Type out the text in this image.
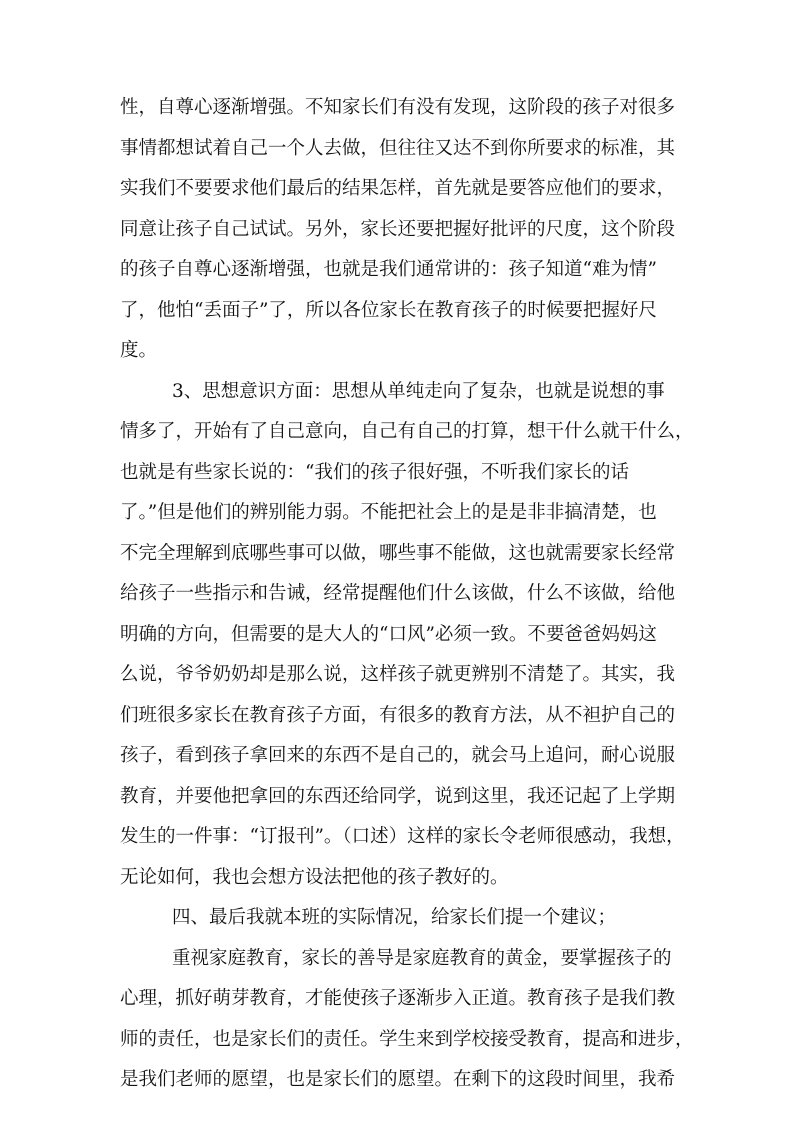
性，自尊心逐渐增强。不知家长们有没有发现，这阶段的孩子对很多
事情都想试着自己一个人去做，但往往又达不到你所要求的标准，其
实我们不要要求他们最后的结果怎样，首先就是要答应他们的要求，
同意让孩子自己试试。另外，家长还要把握好批评的尺度，这个阶段
的孩子自尊心逐渐增强，也就是我们通常讲的：孩子知道“难为情”
了，他怕“丢面子”了，所以各位家长在教育孩子的时候要把握好尺
度。
3、思想意识方面：思想从单纯走向了复杂，也就是说想的事
情多了，开始有了自己意向，自己有自己的打算，想干什么就干什么，
也就是有些家长说的：“我们的孩子很好强，不听我们家长的话
了。”但是他们的辨别能力弱。不能把社会上的是是非非搞清楚，也
不完全理解到底哪些事可以做，哪些事不能做，这也就需要家长经常
给孩子一些指示和告诫，经常提醒他们什么该做，什么不该做，给他
明确的方向，但需要的是大人的“口风”必须一致。不要爸爸妈妈这
么说，爷爷奶奶却是那么说，这样孩子就更辨别不清楚了。其实，我
们班很多家长在教育孩子方面，有很多的教育方法，从不袒护自己的
孩子，看到孩子拿回来的东西不是自己的，就会马上追问，耐心说服
教育，并要他把拿回的东西还给同学，说到这里，我还记起了上学期
发生的一件事：“订报刊”。（口述）这样的家长令老师很感动，我想，
无论如何，我也会想方设法把他的孩子教好的。
四、最后我就本班的实际情况，给家长们提一个建议；
重视家庭教育，家长的善导是家庭教育的黄金，要掌握孩子的
心理，抓好萌芽教育，才能使孩子逐渐步入正道。教育孩子是我们教
师的责任，也是家长们的责任。学生来到学校接受教育，提高和进步，
是我们老师的愿望，也是家长们的愿望。在剩下的这段时间里，我希
